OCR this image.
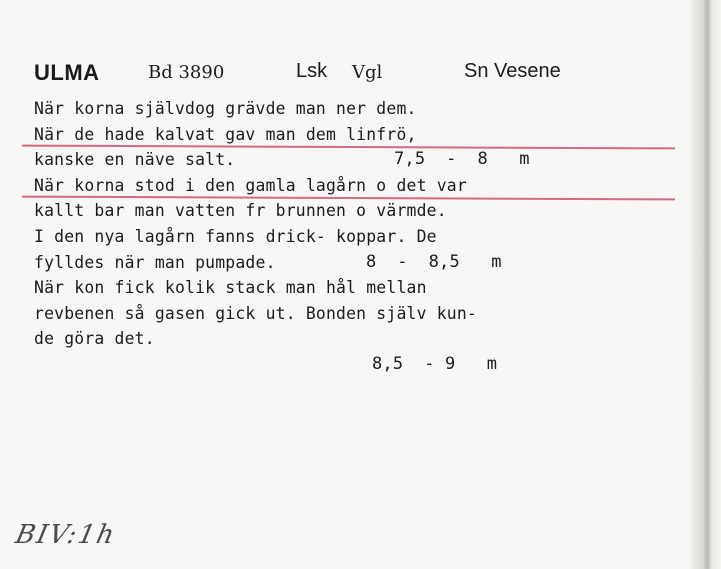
ULMA	Bd 3890	Lsk Vgl	Sn Vesene
När korna självdog grävde man ner dem.
När de hade kalvat gav man dem linfrö,
kanske en näve salt.	7,5  -  8   m
När korna stod i den gamla lagårn o det var
kallt bar man vatten fr brunnen o värmde.
I den nya lagårn fanns drick- koppar. De
fylldes när man pumpade.	8  -  8,5   m
När kon fick kolik stack man hål mellan
revbenen så gasen gick ut. Bonden själv kun-
de göra det.
8,5  - 9   m
BIV:1h
